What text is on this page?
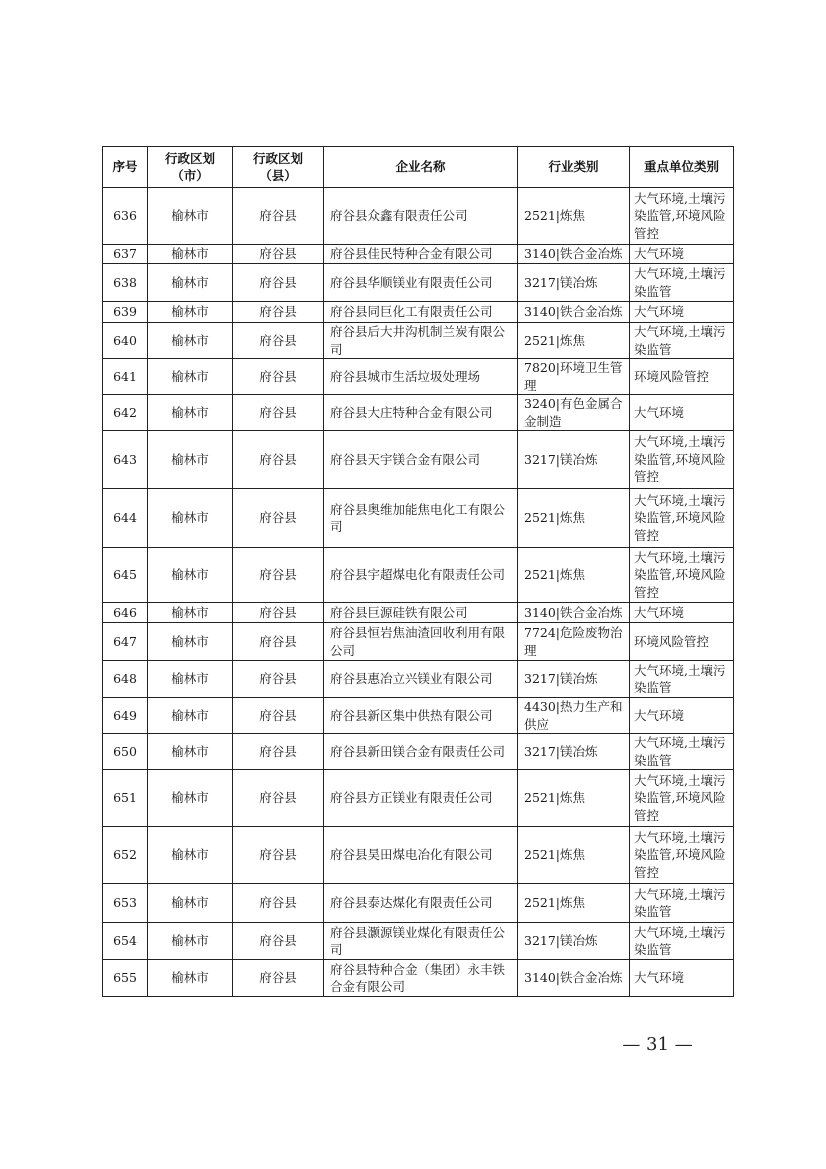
序号	行政区划（市）	行政区划（县）	企业名称	行业类别	重点单位类别
636	榆林市	府谷县	府谷县众鑫有限责任公司	2521|炼焦	大气环境,土壤污染监管,环境风险管控
637	榆林市	府谷县	府谷县佳民特种合金有限公司	3140|铁合金冶炼	大气环境
638	榆林市	府谷县	府谷县华顺镁业有限责任公司	3217|镁冶炼	大气环境,土壤污染监管
639	榆林市	府谷县	府谷县同巨化工有限责任公司	3140|铁合金冶炼	大气环境
640	榆林市	府谷县	府谷县后大井沟机制兰炭有限公司	2521|炼焦	大气环境,土壤污染监管
641	榆林市	府谷县	府谷县城市生活垃圾处理场	7820|环境卫生管理	环境风险管控
642	榆林市	府谷县	府谷县大庄特种合金有限公司	3240|有色金属合金制造	大气环境
643	榆林市	府谷县	府谷县天宇镁合金有限公司	3217|镁冶炼	大气环境,土壤污染监管,环境风险管控
644	榆林市	府谷县	府谷县奥维加能焦电化工有限公司	2521|炼焦	大气环境,土壤污染监管,环境风险管控
645	榆林市	府谷县	府谷县宇超煤电化有限责任公司	2521|炼焦	大气环境,土壤污染监管,环境风险管控
646	榆林市	府谷县	府谷县巨源硅铁有限公司	3140|铁合金冶炼	大气环境
647	榆林市	府谷县	府谷县恒岩焦油渣回收利用有限公司	7724|危险废物治理	环境风险管控
648	榆林市	府谷县	府谷县惠冶立兴镁业有限公司	3217|镁冶炼	大气环境,土壤污染监管
649	榆林市	府谷县	府谷县新区集中供热有限公司	4430|热力生产和供应	大气环境
650	榆林市	府谷县	府谷县新田镁合金有限责任公司	3217|镁冶炼	大气环境,土壤污染监管
651	榆林市	府谷县	府谷县方正镁业有限责任公司	2521|炼焦	大气环境,土壤污染监管,环境风险管控
652	榆林市	府谷县	府谷县昊田煤电冶化有限公司	2521|炼焦	大气环境,土壤污染监管,环境风险管控
653	榆林市	府谷县	府谷县泰达煤化有限责任公司	2521|炼焦	大气环境,土壤污染监管
654	榆林市	府谷县	府谷县灏源镁业煤化有限责任公司	3217|镁冶炼	大气环境,土壤污染监管
655	榆林市	府谷县	府谷县特种合金（集团）永丰铁合金有限公司	3140|铁合金冶炼	大气环境
— 31 —
